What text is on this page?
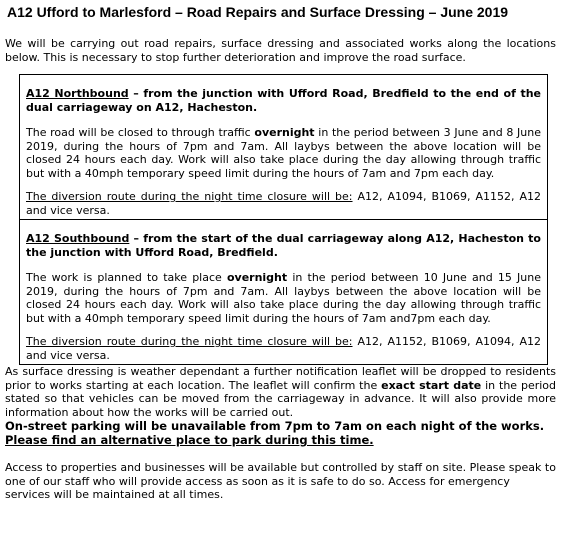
A12 Ufford to Marlesford – Road Repairs and Surface Dressing – June 2019

We will be carrying out road repairs, surface dressing and associated works along the locations below. This is necessary to stop further deterioration and improve the road surface.

A12 Northbound – from the junction with Ufford Road, Bredfield to the end of the dual carriageway on A12, Hacheston.

The road will be closed to through traffic overnight in the period between 3 June and 8 June 2019, during the hours of 7pm and 7am. All laybys between the above location will be closed 24 hours each day. Work will also take place during the day allowing through traffic but with a 40mph temporary speed limit during the hours of 7am and 7pm each day.

The diversion route during the night time closure will be: A12, A1094, B1069, A1152, A12 and vice versa.

A12 Southbound – from the start of the dual carriageway along A12, Hacheston to the junction with Ufford Road, Bredfield.

The work is planned to take place overnight in the period between 10 June and 15 June 2019, during the hours of 7pm and 7am. All laybys between the above location will be closed 24 hours each day. Work will also take place during the day allowing through traffic but with a 40mph temporary speed limit during the hours of 7am and7pm each day.

The diversion route during the night time closure will be: A12, A1152, B1069, A1094, A12 and vice versa.

As surface dressing is weather dependant a further notification leaflet will be dropped to residents prior to works starting at each location. The leaflet will confirm the exact start date in the period stated so that vehicles can be moved from the carriageway in advance. It will also provide more information about how the works will be carried out.

On-street parking will be unavailable from 7pm to 7am on each night of the works. Please find an alternative place to park during this time.

Access to properties and businesses will be available but controlled by staff on site. Please speak to one of our staff who will provide access as soon as it is safe to do so. Access for emergency services will be maintained at all times.
